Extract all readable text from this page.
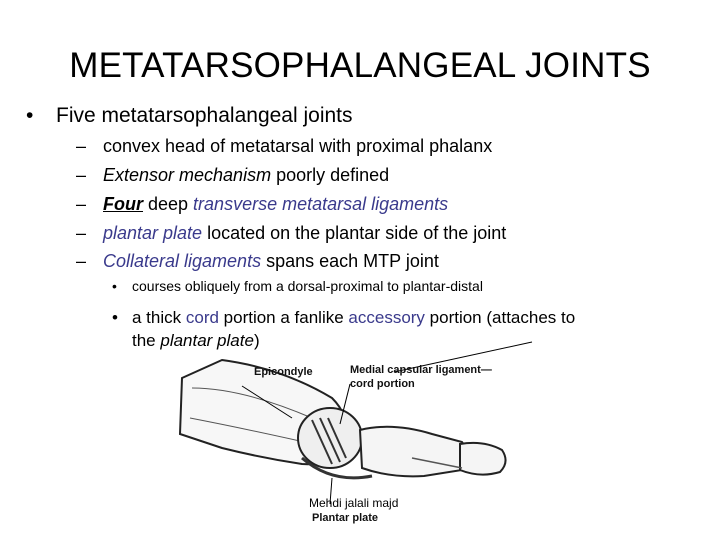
METATARSOPHALANGEAL JOINTS
• Five metatarsophalangeal joints
– convex head of metatarsal with proximal phalanx
– Extensor mechanism poorly defined
– Four deep transverse metatarsal ligaments
– plantar plate located on the plantar side of the joint
– Collateral ligaments spans each MTP joint
• courses obliquely from a dorsal-proximal to plantar-distal
• a thick cord portion a fanlike accessory portion (attaches to
the plantar plate)
Epicondyle	Medial capsular ligament—
cord portion
Plantar plate
Mehdi jalali majd
